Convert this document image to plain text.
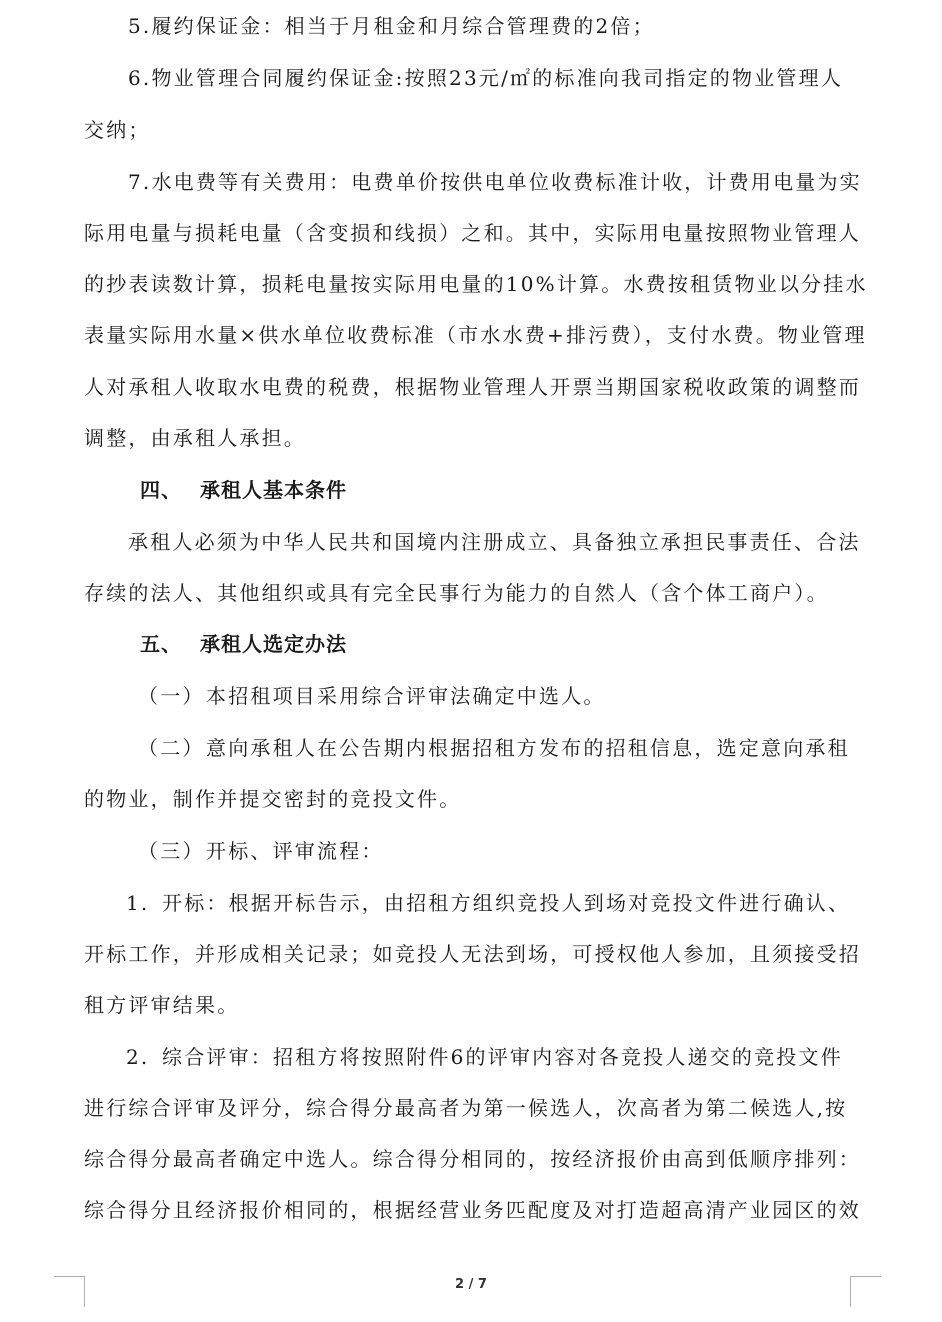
5.履约保证金：相当于月租金和月综合管理费的2倍；
6.物业管理合同履约保证金:按照23元/㎡的标准向我司指定的物业管理人
交纳；
7.水电费等有关费用：电费单价按供电单位收费标准计收，计费用电量为实
际用电量与损耗电量（含变损和线损）之和。其中，实际用电量按照物业管理人
的抄表读数计算，损耗电量按实际用电量的10%计算。水费按租赁物业以分挂水
表量实际用水量×供水单位收费标准（市水水费+排污费），支付水费。物业管理
人对承租人收取水电费的税费，根据物业管理人开票当期国家税收政策的调整而
调整，由承租人承担。
四、 承租人基本条件
承租人必须为中华人民共和国境内注册成立、具备独立承担民事责任、合法
存续的法人、其他组织或具有完全民事行为能力的自然人（含个体工商户）。
五、 承租人选定办法
（一）本招租项目采用综合评审法确定中选人。
（二）意向承租人在公告期内根据招租方发布的招租信息，选定意向承租
的物业，制作并提交密封的竞投文件。
（三）开标、评审流程：
1. 开标：根据开标告示，由招租方组织竞投人到场对竞投文件进行确认、
开标工作，并形成相关记录；如竞投人无法到场，可授权他人参加，且须接受招
租方评审结果。
2. 综合评审：招租方将按照附件6的评审内容对各竞投人递交的竞投文件
进行综合评审及评分，综合得分最高者为第一候选人，次高者为第二候选人,按
综合得分最高者确定中选人。综合得分相同的，按经济报价由高到低顺序排列：
综合得分且经济报价相同的，根据经营业务匹配度及对打造超高清产业园区的效
2 / 7
